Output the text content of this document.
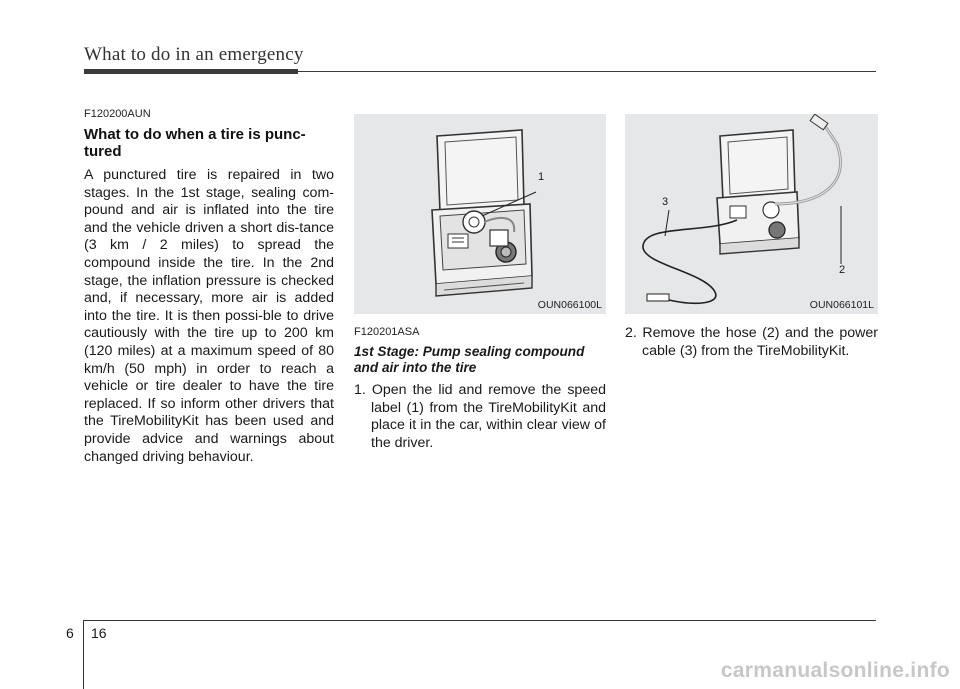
What to do in an emergency

F120200AUN

What to do when a tire is punc-tured

A punctured tire is repaired in two stages. In the 1st stage, sealing com-pound and air is inflated into the tire and the vehicle driven a short dis-tance (3 km / 2 miles) to spread the compound inside the tire. In the 2nd stage, the inflation pressure is checked and, if necessary, more air is added into the tire. It is then possi-ble to drive cautiously with the tire up to 200 km (120 miles) at a maximum speed of 80 km/h (50 mph) in order to reach a vehicle or tire dealer to have the tire replaced. If so inform other drivers that the TireMobilityKit has been used and provide advice and warnings about changed driving behaviour.

1
OUN066100L

F120201ASA

1st Stage: Pump sealing compound and air into the tire

1. Open the lid and remove the speed label (1) from the TireMobilityKit and place it in the car, within clear view of the driver.

3
2
OUN066101L

2. Remove the hose (2) and the power cable (3) from the TireMobilityKit.

6 16
carmanualsonline.info
